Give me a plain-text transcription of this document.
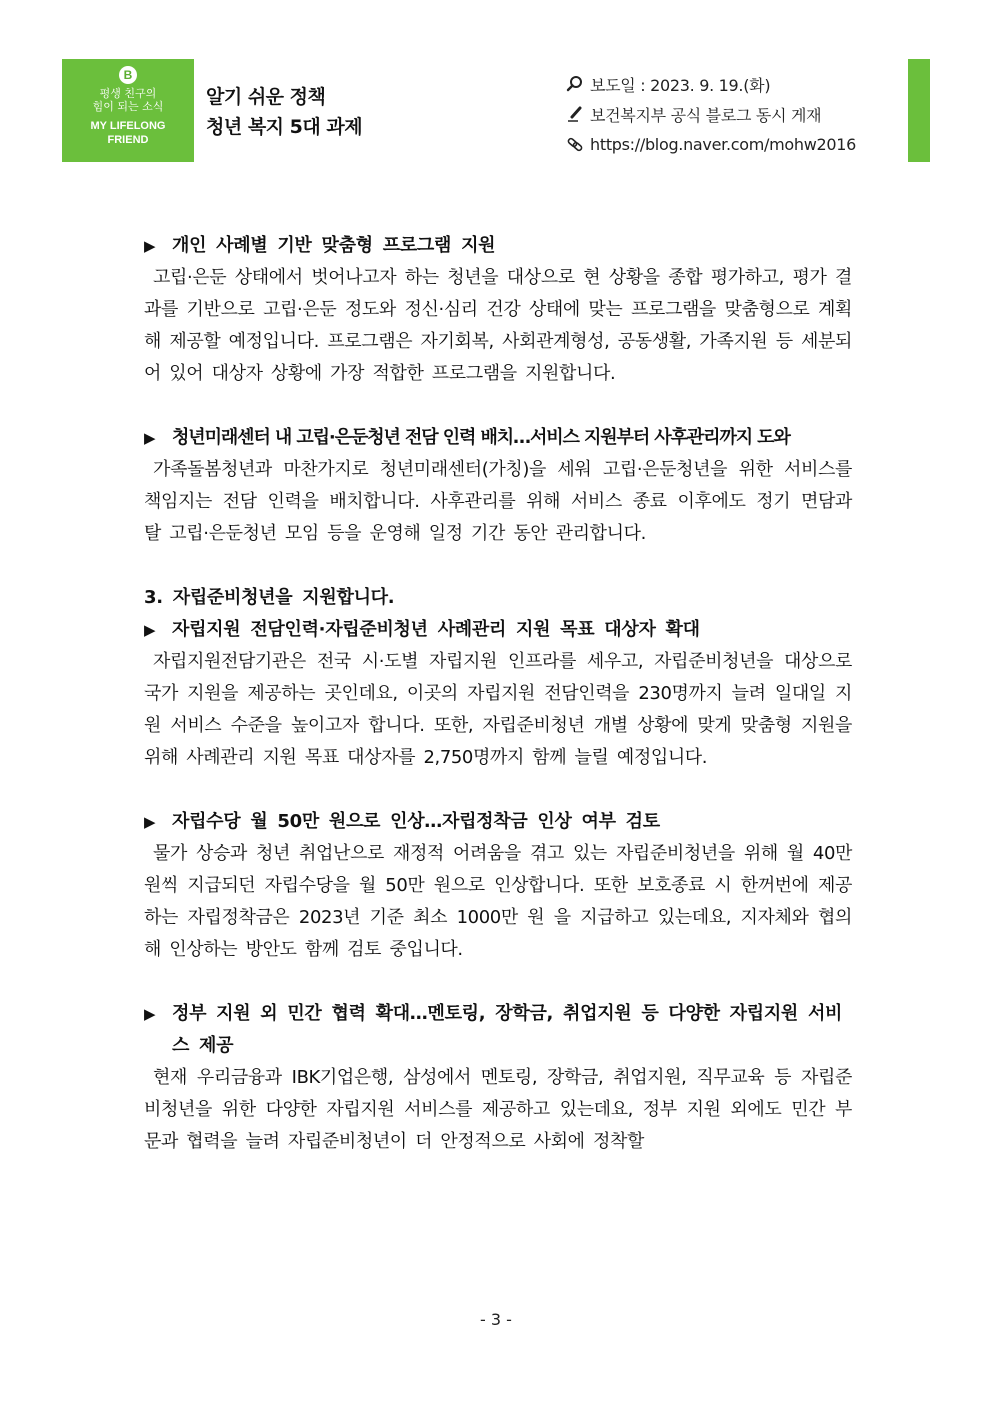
B
평생 친구의
힘이 되는 소식
MY LIFELONG
FRIEND
알기 쉬운 정책
청년 복지 5대 과제
보도일 : 2023. 9. 19.(화)
보건복지부 공식 블로그 동시 게재
https://blog.naver.com/mohw2016
▶ 개인 사례별 기반 맞춤형 프로그램 지원
고립·은둔 상태에서 벗어나고자 하는 청년을 대상으로 현 상황을 종합 평가하고, 평가 결과를 기반으로 고립·은둔 정도와 정신·심리 건강 상태에 맞는 프로그램을 맞춤형으로 계획해 제공할 예정입니다. 프로그램은 자기회복, 사회관계형성, 공동생활, 가족지원 등 세분되어 있어 대상자 상황에 가장 적합한 프로그램을 지원합니다.
▶ 청년미래센터 내 고립·은둔청년 전담 인력 배치…서비스 지원부터 사후관리까지 도와
가족돌봄청년과 마찬가지로 청년미래센터(가칭)을 세워 고립·은둔청년을 위한 서비스를 책임지는 전담 인력을 배치합니다. 사후관리를 위해 서비스 종료 이후에도 정기 면담과 탈 고립·은둔청년 모임 등을 운영해 일정 기간 동안 관리합니다.
3. 자립준비청년을 지원합니다.
▶ 자립지원 전담인력·자립준비청년 사례관리 지원 목표 대상자 확대
자립지원전담기관은 전국 시·도별 자립지원 인프라를 세우고, 자립준비청년을 대상으로 국가 지원을 제공하는 곳인데요, 이곳의 자립지원 전담인력을 230명까지 늘려 일대일 지원 서비스 수준을 높이고자 합니다. 또한, 자립준비청년 개별 상황에 맞게 맞춤형 지원을 위해 사례관리 지원 목표 대상자를 2,750명까지 함께 늘릴 예정입니다.
▶ 자립수당 월 50만 원으로 인상…자립정착금 인상 여부 검토
물가 상승과 청년 취업난으로 재정적 어려움을 겪고 있는 자립준비청년을 위해 월 40만 원씩 지급되던 자립수당을 월 50만 원으로 인상합니다. 또한 보호종료 시 한꺼번에 제공하는 자립정착금은 2023년 기준 최소 1000만 원 을 지급하고 있는데요, 지자체와 협의해 인상하는 방안도 함께 검토 중입니다.
▶ 정부 지원 외 민간 협력 확대…멘토링, 장학금, 취업지원 등 다양한 자립지원 서비스 제공
현재 우리금융과 IBK기업은행, 삼성에서 멘토링, 장학금, 취업지원, 직무교육 등 자립준비청년을 위한 다양한 자립지원 서비스를 제공하고 있는데요, 정부 지원 외에도 민간 부문과 협력을 늘려 자립준비청년이 더 안정적으로 사회에 정착할
- 3 -
